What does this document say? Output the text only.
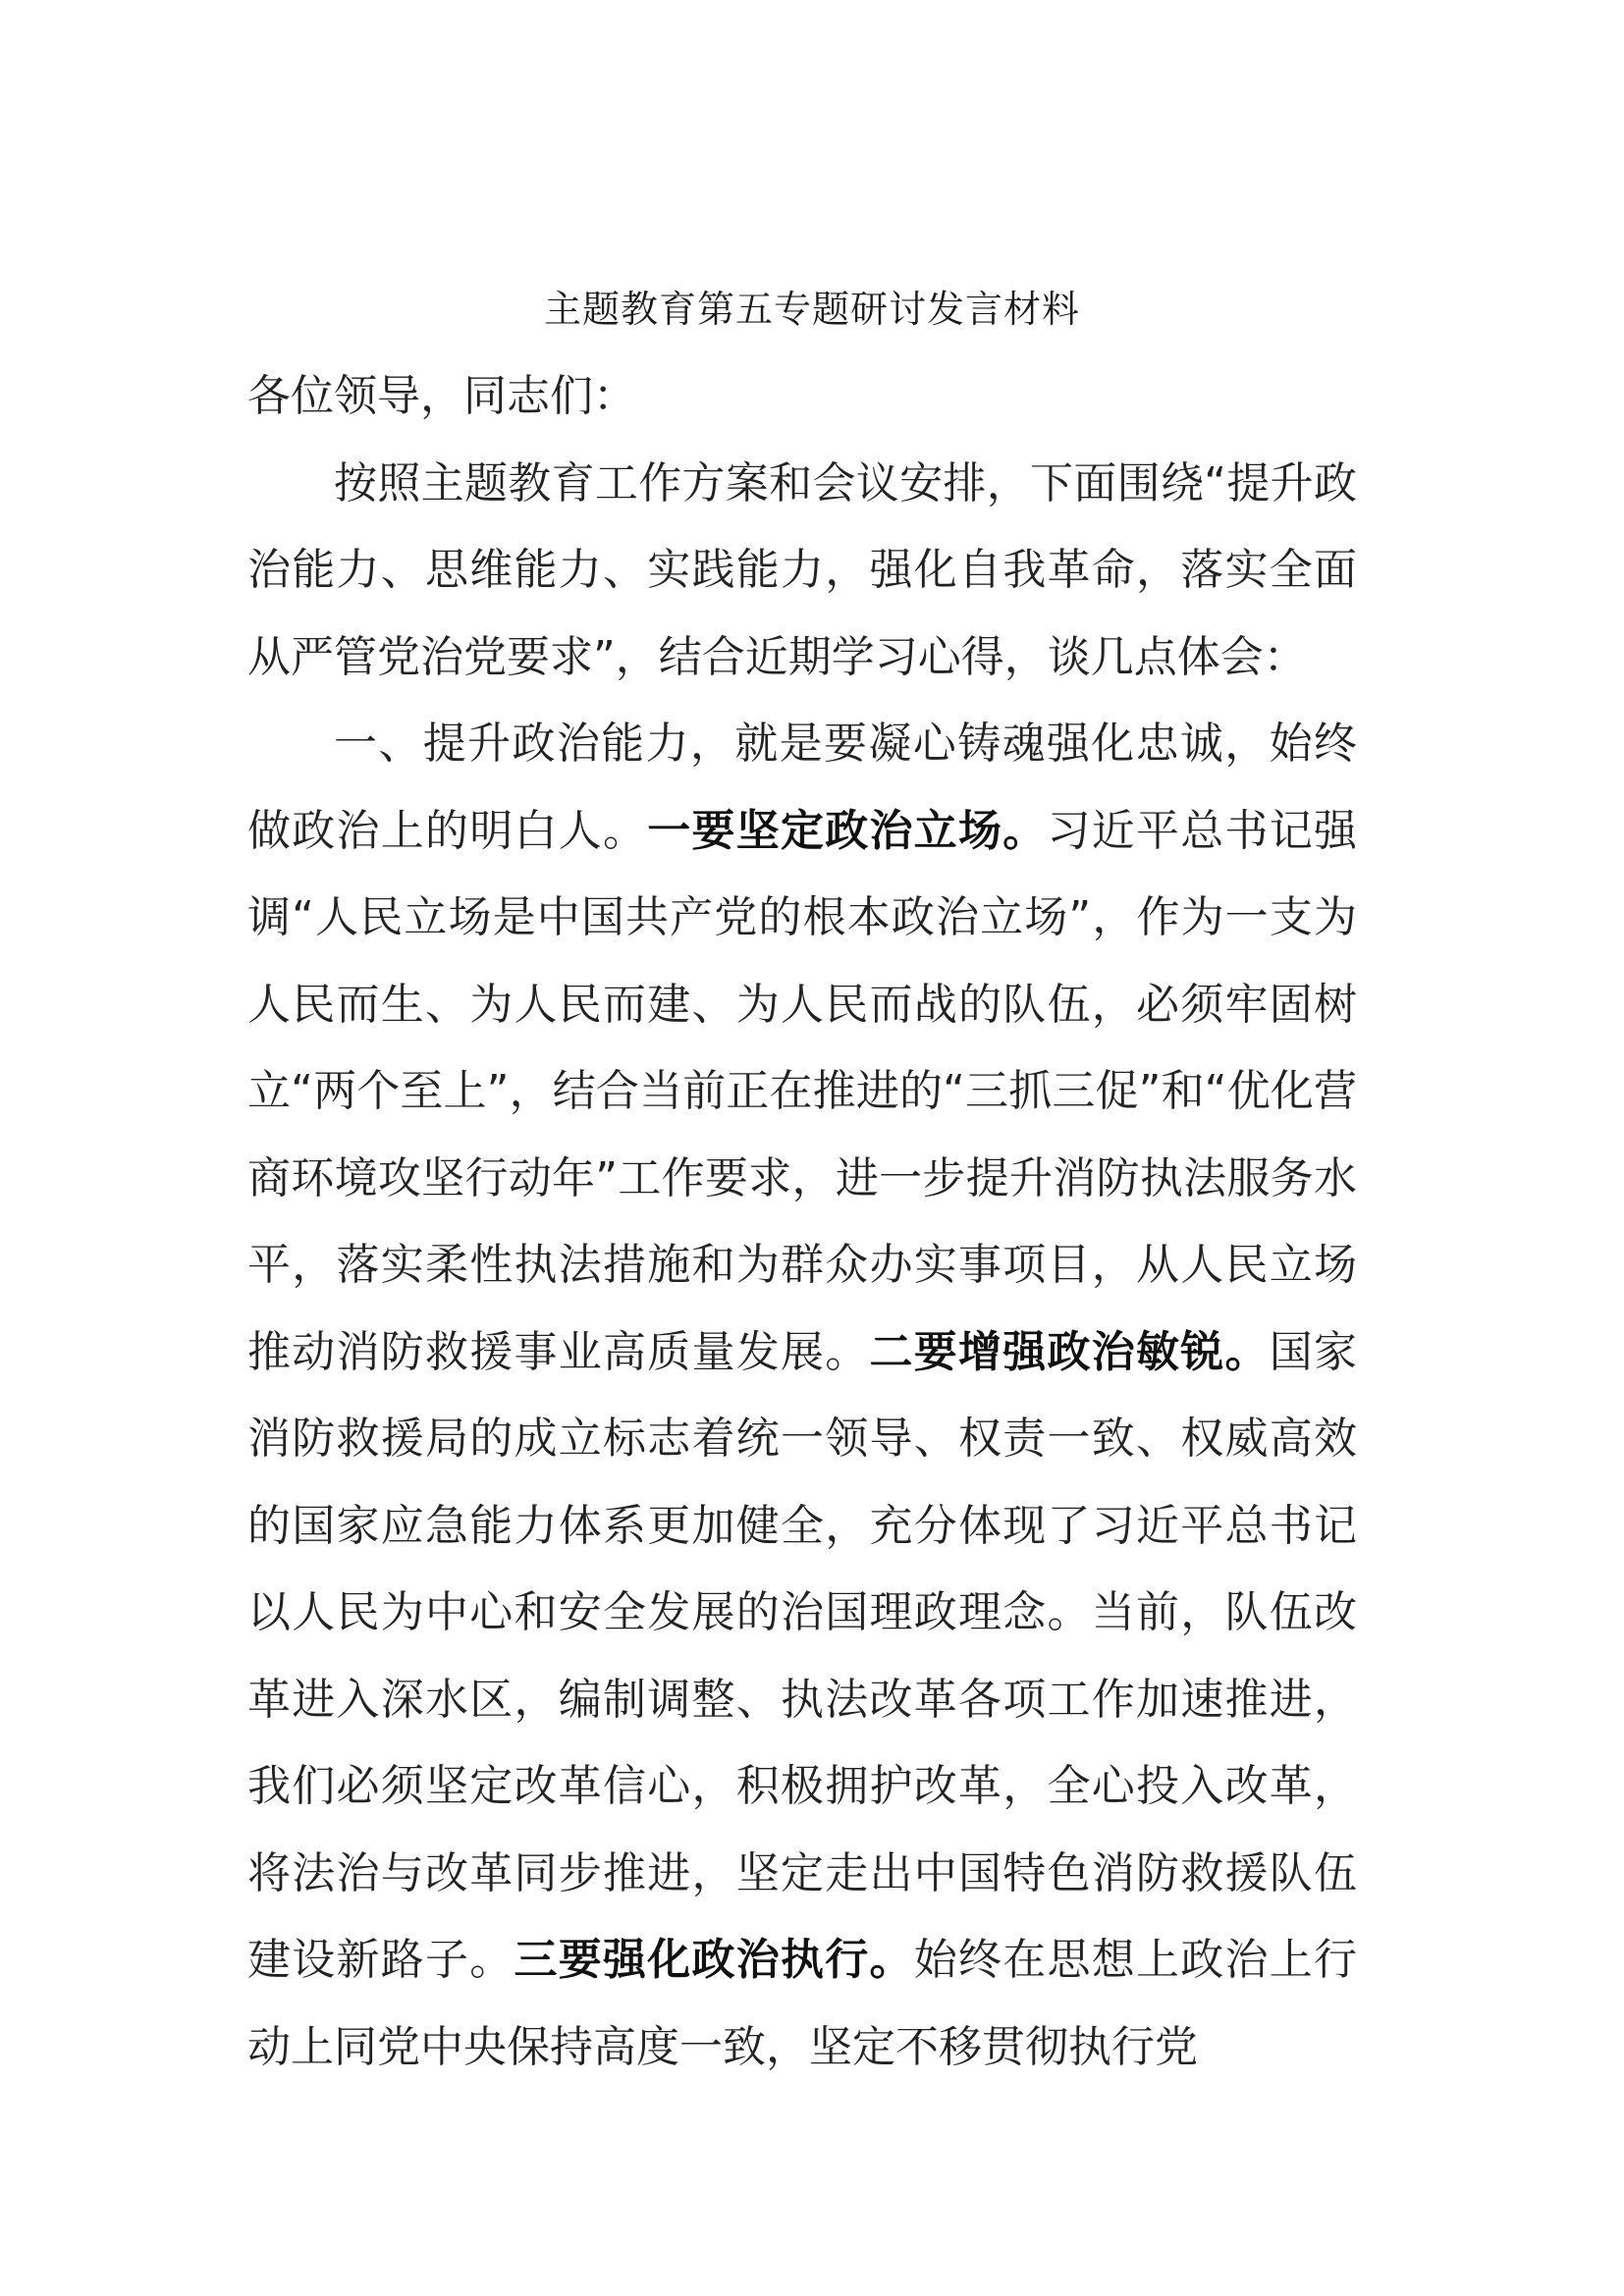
主题教育第五专题研讨发言材料

各位领导，同志们：

按照主题教育工作方案和会议安排，下面围绕“提升政治能力、思维能力、实践能力，强化自我革命，落实全面从严管党治党要求”，结合近期学习心得，谈几点体会：

一、提升政治能力，就是要凝心铸魂强化忠诚，始终做政治上的明白人。一要坚定政治立场。习近平总书记强调“人民立场是中国共产党的根本政治立场”，作为一支为人民而生、为人民而建、为人民而战的队伍，必须牢固树立“两个至上”，结合当前正在推进的“三抓三促”和“优化营商环境攻坚行动年”工作要求，进一步提升消防执法服务水平，落实柔性执法措施和为群众办实事项目，从人民立场推动消防救援事业高质量发展。二要增强政治敏锐。国家消防救援局的成立标志着统一领导、权责一致、权威高效的国家应急能力体系更加健全，充分体现了习近平总书记以人民为中心和安全发展的治国理政理念。当前，队伍改革进入深水区，编制调整、执法改革各项工作加速推进，我们必须坚定改革信心，积极拥护改革，全心投入改革，将法治与改革同步推进，坚定走出中国特色消防救援队伍建设新路子。三要强化政治执行。始终在思想上政治上行动上同党中央保持高度一致，坚定不移贯彻执行党
